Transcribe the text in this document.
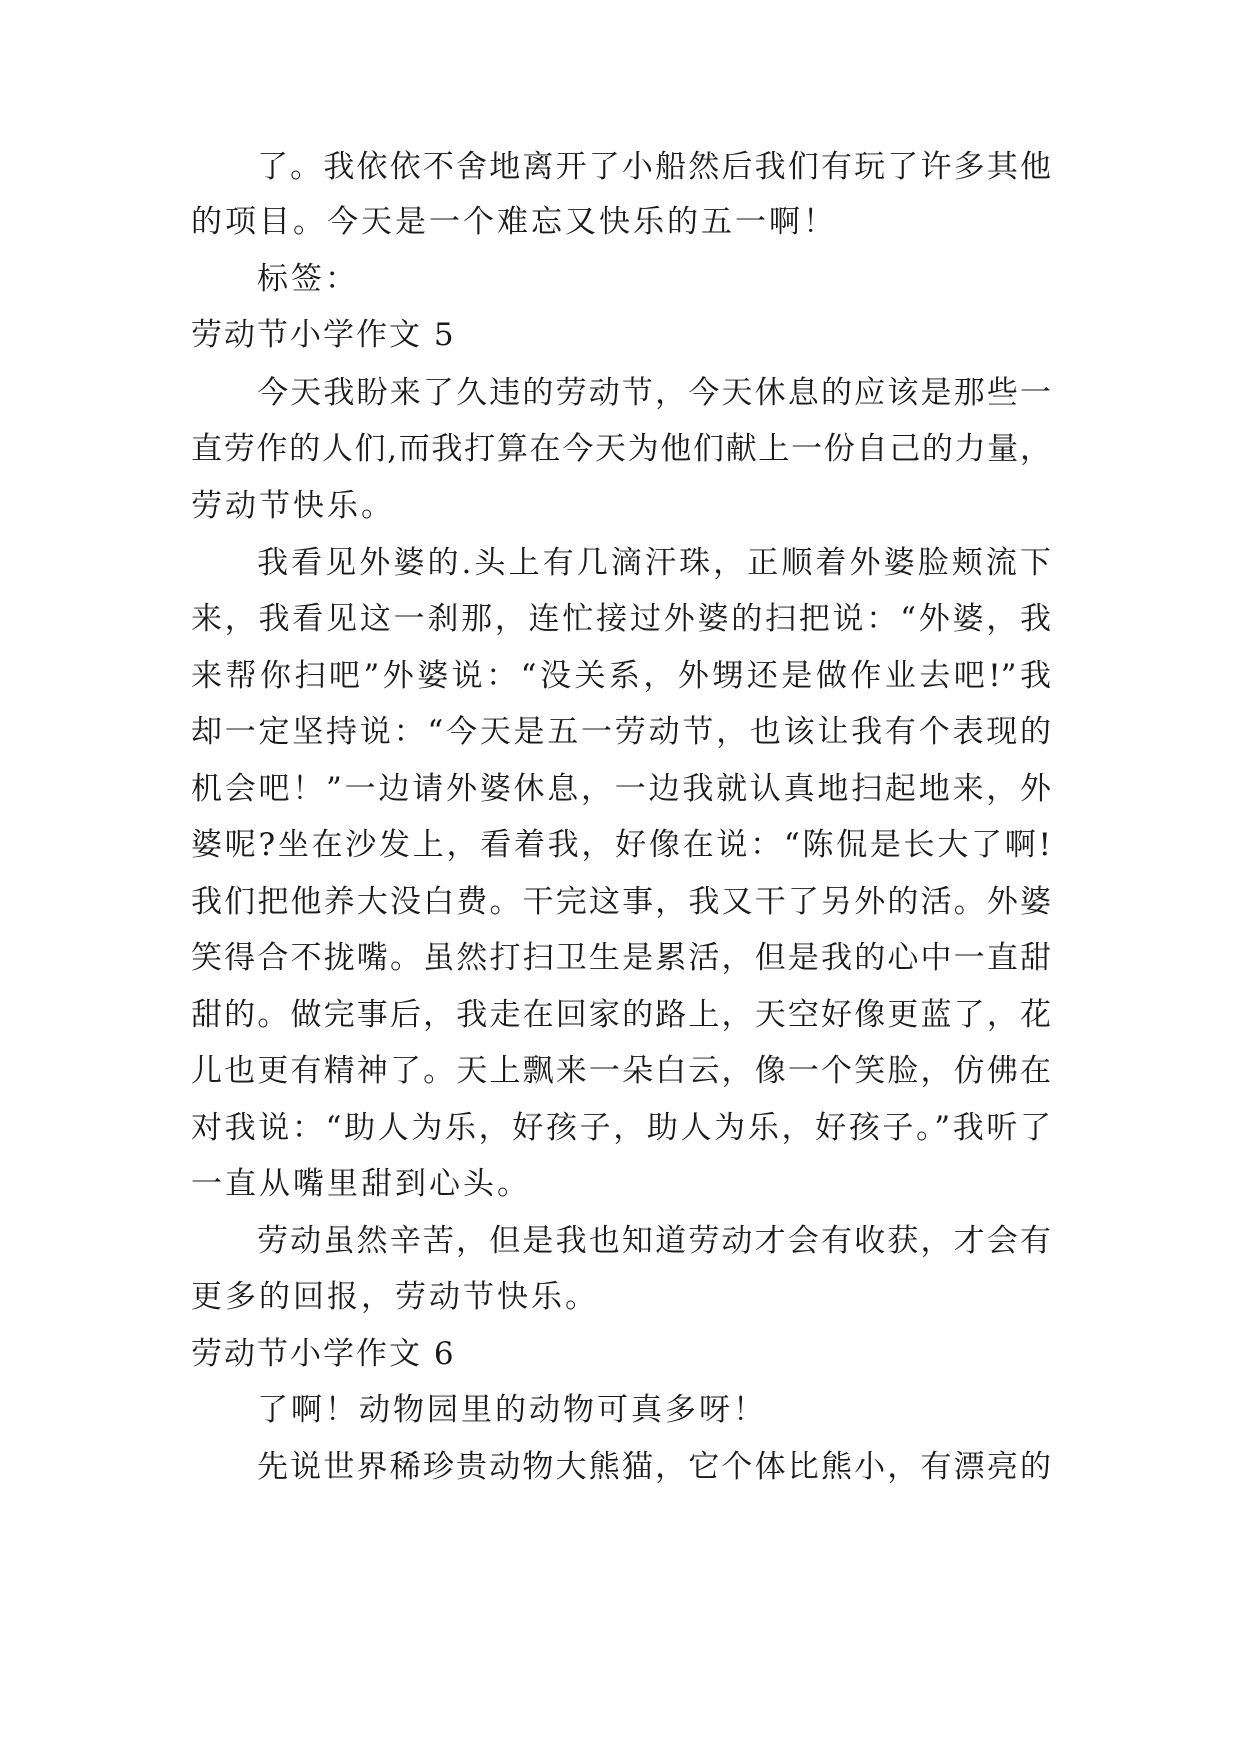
了。我依依不舍地离开了小船然后我们有玩了许多其他
的项目。今天是一个难忘又快乐的五一啊！
标签：
劳动节小学作文 5
今天我盼来了久违的劳动节，今天休息的应该是那些一
直劳作的人们,而我打算在今天为他们献上一份自己的力量，
劳动节快乐。
我看见外婆的.头上有几滴汗珠，正顺着外婆脸颊流下
来，我看见这一刹那，连忙接过外婆的扫把说：“外婆，我
来帮你扫吧”外婆说：“没关系，外甥还是做作业去吧!”我
却一定坚持说：“今天是五一劳动节，也该让我有个表现的
机会吧！”一边请外婆休息，一边我就认真地扫起地来，外
婆呢?坐在沙发上，看着我，好像在说：“陈侃是长大了啊!
我们把他养大没白费。干完这事，我又干了另外的活。外婆
笑得合不拢嘴。虽然打扫卫生是累活，但是我的心中一直甜
甜的。做完事后，我走在回家的路上，天空好像更蓝了，花
儿也更有精神了。天上飘来一朵白云，像一个笑脸，仿佛在
对我说：“助人为乐，好孩子，助人为乐，好孩子。”我听了
一直从嘴里甜到心头。
劳动虽然辛苦，但是我也知道劳动才会有收获，才会有
更多的回报，劳动节快乐。
劳动节小学作文 6
了啊！动物园里的动物可真多呀！
先说世界稀珍贵动物大熊猫，它个体比熊小，有漂亮的
